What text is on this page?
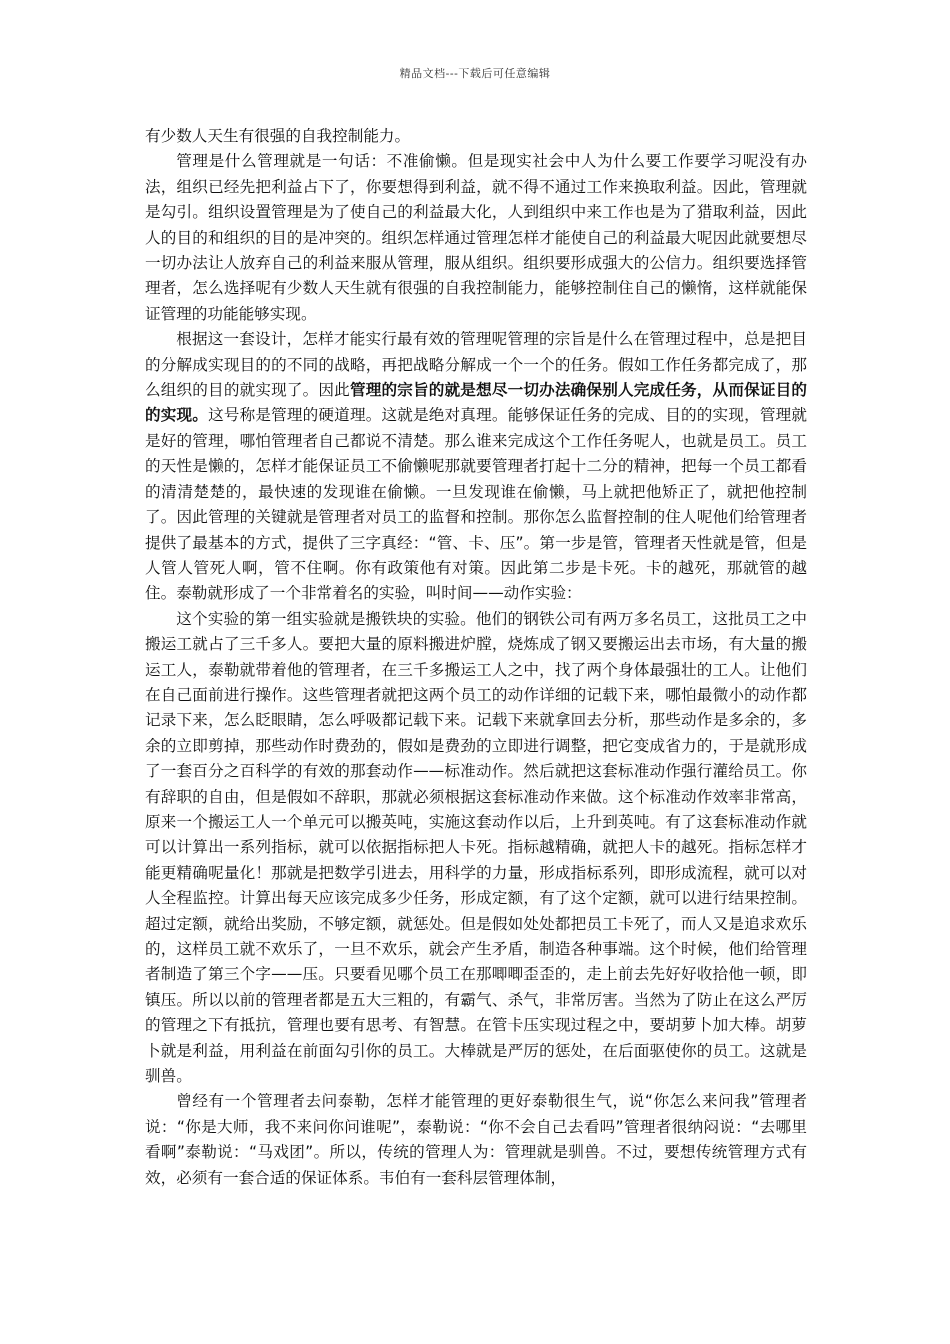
精品文档---下载后可任意编辑

有少数人天生有很强的自我控制能力。

管理是什么管理就是一句话：不准偷懒。但是现实社会中人为什么要工作要学习呢没有办法，组织已经先把利益占下了，你要想得到利益，就不得不通过工作来换取利益。因此，管理就是勾引。组织设置管理是为了使自己的利益最大化，人到组织中来工作也是为了猎取利益，因此人的目的和组织的目的是冲突的。组织怎样通过管理怎样才能使自己的利益最大呢因此就要想尽一切办法让人放弃自己的利益来服从管理，服从组织。组织要形成强大的公信力。组织要选择管理者，怎么选择呢有少数人天生就有很强的自我控制能力，能够控制住自己的懒惰，这样就能保证管理的功能能够实现。

根据这一套设计，怎样才能实行最有效的管理呢管理的宗旨是什么在管理过程中，总是把目的分解成实现目的的不同的战略，再把战略分解成一个一个的任务。假如工作任务都完成了，那么组织的目的就实现了。因此管理的宗旨的就是想尽一切办法确保别人完成任务，从而保证目的的实现。这号称是管理的硬道理。这就是绝对真理。能够保证任务的完成、目的的实现，管理就是好的管理，哪怕管理者自己都说不清楚。那么谁来完成这个工作任务呢人，也就是员工。员工的天性是懒的，怎样才能保证员工不偷懒呢那就要管理者打起十二分的精神，把每一个员工都看的清清楚楚的，最快速的发现谁在偷懒。一旦发现谁在偷懒，马上就把他矫正了，就把他控制了。因此管理的关键就是管理者对员工的监督和控制。那你怎么监督控制的住人呢他们给管理者提供了最基本的方式，提供了三字真经：“管、卡、压”。第一步是管，管理者天性就是管，但是人管人管死人啊，管不住啊。你有政策他有对策。因此第二步是卡死。卡的越死，那就管的越住。泰勒就形成了一个非常着名的实验，叫时间——动作实验：

这个实验的第一组实验就是搬铁块的实验。他们的钢铁公司有两万多名员工，这批员工之中搬运工就占了三千多人。要把大量的原料搬进炉膛，烧炼成了钢又要搬运出去市场，有大量的搬运工人，泰勒就带着他的管理者，在三千多搬运工人之中，找了两个身体最强壮的工人。让他们在自己面前进行操作。这些管理者就把这两个员工的动作详细的记载下来，哪怕最微小的动作都记录下来，怎么眨眼睛，怎么呼吸都记载下来。记载下来就拿回去分析，那些动作是多余的，多余的立即剪掉，那些动作时费劲的，假如是费劲的立即进行调整，把它变成省力的，于是就形成了一套百分之百科学的有效的那套动作——标准动作。然后就把这套标准动作强行灌给员工。你有辞职的自由，但是假如不辞职，那就必须根据这套标准动作来做。这个标准动作效率非常高，原来一个搬运工人一个单元可以搬英吨，实施这套动作以后，上升到英吨。有了这套标准动作就可以计算出一系列指标，就可以依据指标把人卡死。指标越精确，就把人卡的越死。指标怎样才能更精确呢量化！那就是把数学引进去，用科学的力量，形成指标系列，即形成流程，就可以对人全程监控。计算出每天应该完成多少任务，形成定额，有了这个定额，就可以进行结果控制。超过定额，就给出奖励，不够定额，就惩处。但是假如处处都把员工卡死了，而人又是追求欢乐的，这样员工就不欢乐了，一旦不欢乐，就会产生矛盾，制造各种事端。这个时候，他们给管理者制造了第三个字——压。只要看见哪个员工在那唧唧歪歪的，走上前去先好好收拾他一顿，即镇压。所以以前的管理者都是五大三粗的，有霸气、杀气，非常厉害。当然为了防止在这么严厉的管理之下有抵抗，管理也要有思考、有智慧。在管卡压实现过程之中，要胡萝卜加大棒。胡萝卜就是利益，用利益在前面勾引你的员工。大棒就是严厉的惩处，在后面驱使你的员工。这就是驯兽。

曾经有一个管理者去问泰勒，怎样才能管理的更好泰勒很生气，说“你怎么来问我”管理者说：“你是大师，我不来问你问谁呢”，泰勒说：“你不会自己去看吗”管理者很纳闷说：“去哪里看啊”泰勒说：“马戏团”。所以，传统的管理人为：管理就是驯兽。不过，要想传统管理方式有效，必须有一套合适的保证体系。韦伯有一套科层管理体制，
